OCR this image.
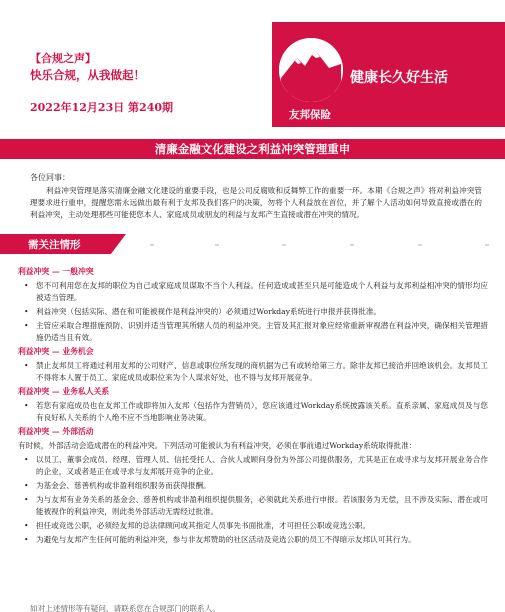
【合规之声】
快乐合规，从我做起！
2022年12月23日 第240期
友邦保险
健康长久好生活
清廉金融文化建设之利益冲突管理重申
各位同事：
利益冲突管理是落实清廉金融文化建设的重要手段，也是公司反腐败和反舞弊工作的重要一环。本期《合规之声》将对利益冲突管理要求进行重申，提醒您需永远做出最有利于友邦及我们客户的决策，勿将个人利益放在首位，并了解个人活动如何导致直接或潜在的利益冲突，主动处理那些可能使您本人、家庭成员或朋友的利益与友邦产生直接或潜在冲突的情况。
需关注情形
利益冲突 — 一般冲突
• 您不可利用您在友邦的职位为自己或家庭成员谋取不当个人利益。任何造成或甚至只是可能造成个人利益与友邦利益相冲突的情形均应被适当管理。
• 利益冲突（包括实际、潜在和可能被视作是利益冲突的）必须通过Workday系统进行申报并获得批准。
• 主管应采取合理措施预防、识别并适当管理其所辖人员的利益冲突。主管及其汇报对象应经常重新审视潜在利益冲突，确保相关管理措施仍适当且有效。
利益冲突 — 业务机会
• 禁止友邦员工将通过利用友邦的公司财产、信息或职位所发现的商机据为己有或转给第三方。除非友邦已接洽并回绝该机会。友邦员工不得将本人置于员工、家庭成员或职位来为个人谋求好处，也不得与友邦开展竞争。
利益冲突 — 业务私人关系
• 若您有家庭成员也在友邦工作或即将加入友邦（包括作为营销员），您应该通过Workday系统披露该关系。直系亲属、家庭成员及与您有良好私人关系的个人绝不应不当地影响业务决策。
利益冲突 — 外部活动
有时候，外部活动会造成潜在的利益冲突。下列活动可能被认为有利益冲突，必须在事前通过Workday系统取得批准：
• 以员工、董事会成员、经理、管理人员、信托受托人、合伙人或顾问身份为外部公司提供服务，尤其是正在或寻求与友邦开展业务合作的企业，又或者是正在或寻求与友邦展开竞争的企业。
• 为基金会、慈善机构或非盈利组织服务而获得报酬。
• 为与友邦有业务关系的基金会、慈善机构或非盈利组织提供服务，必须就此关系进行申报。若该服务为无偿，且不涉及实际、潜在或可能被视作的利益冲突，则此类外部活动无需经过批准。
• 担任或竞选公职，必须经友邦的总法律顾问或其指定人员事先书面批准，才可担任公职或竞选公职。
• 为避免与友邦产生任何可能的利益冲突，参与非友邦赞助的社区活动及竞选公职的员工不得暗示友邦认可其行为。
如对上述情形等有疑问，请联系您在合规部门的联系人。
